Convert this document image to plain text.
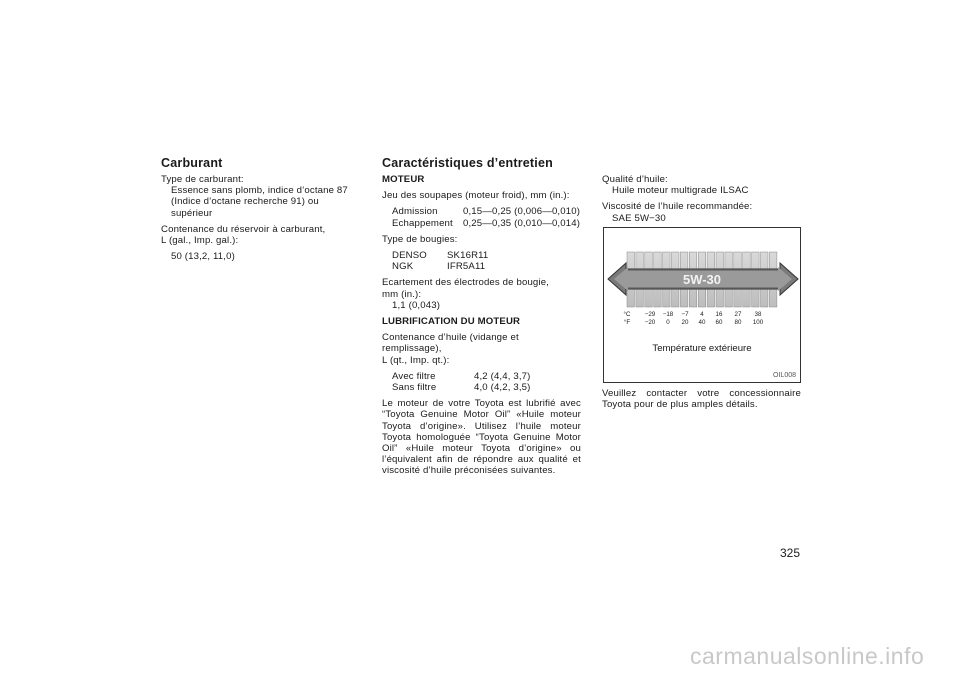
Carburant

Type de carburant:

Essence sans plomb, indice d’octane 87

(Indice d’octane recherche 91) ou supérieur

Contenance du réservoir à carburant,

L (gal., Imp. gal.):

50 (13,2, 11,0)

Caractéristiques d’entretien

MOTEUR

Jeu des soupapes (moteur froid), mm (in.):

Admission	0,15—0,25 (0,006—0,010)
Echappement	0,25—0,35 (0,010—0,014)

Type de bougies:

DENSO	SK16R11
NGK	IFR5A11

Ecartement des électrodes de bougie,

mm (in.):

1,1 (0,043)

LUBRIFICATION DU MOTEUR

Contenance d’huile (vidange et remplissage),

L (qt., Imp. qt.):

Avec filtre	4,2 (4,4, 3,7)
Sans filtre	4,0 (4,2, 3,5)

Le moteur de votre Toyota est lubrifié avec “Toyota Genuine Motor Oil” «Huile moteur Toyota d’origine». Utilisez l’huile moteur Toyota homologuée “Toyota Genuine Motor Oil” «Huile moteur Toyota d’origine» ou l’équivalent afin de répondre aux qualité et viscosité d’huile préconisées suivantes.

Qualité d’huile:

Huile moteur multigrade ILSAC

Viscosité de l’huile recommandée:

SAE 5W−30

5W-30
°C
°F
−29 −18 −7 4 16 27 38
−20 0 20 40 60 80 100
Température extérieure
OIL008
Veuillez contacter votre concessionnaire Toyota pour de plus amples détails.
325
carmanualsonline.info
